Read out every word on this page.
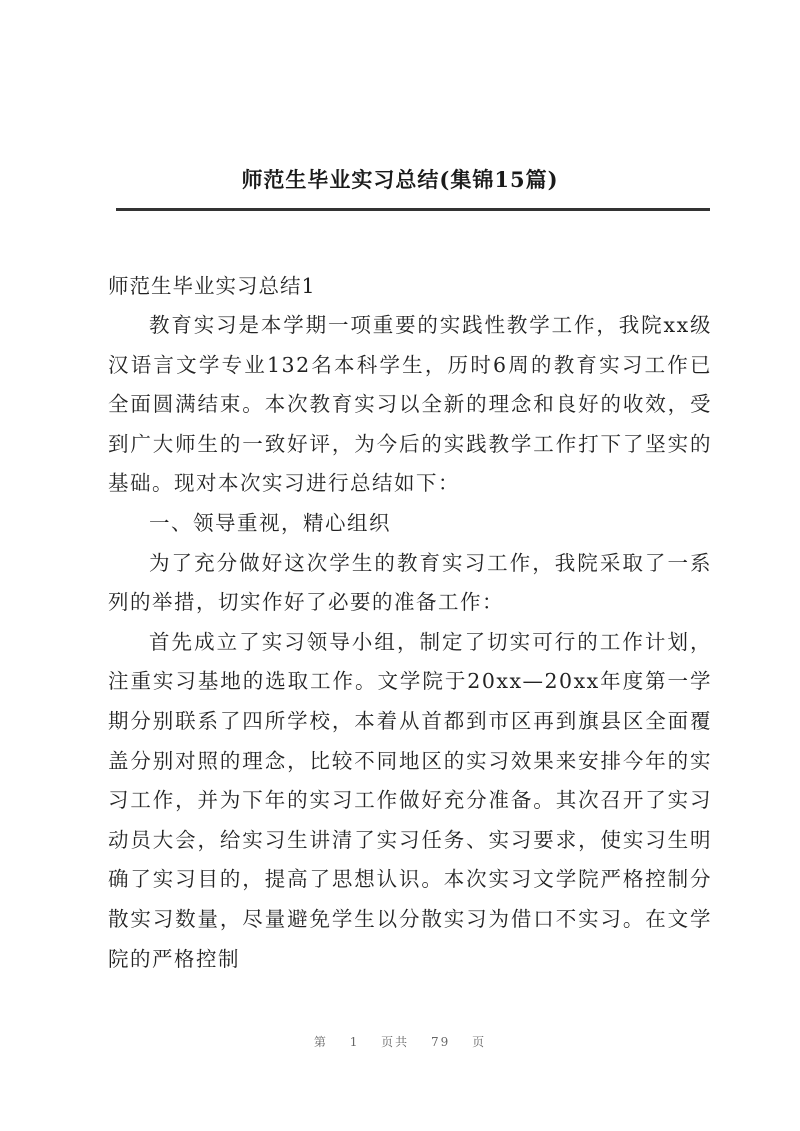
师范生毕业实习总结(集锦15篇)

师范生毕业实习总结1

教育实习是本学期一项重要的实践性教学工作，我院xx级汉语言文学专业132名本科学生，历时6周的教育实习工作已全面圆满结束。本次教育实习以全新的理念和良好的收效，受到广大师生的一致好评，为今后的实践教学工作打下了坚实的基础。现对本次实习进行总结如下：

一、领导重视，精心组织

为了充分做好这次学生的教育实习工作，我院采取了一系列的举措，切实作好了必要的准备工作：

首先成立了实习领导小组，制定了切实可行的工作计划，注重实习基地的选取工作。文学院于20xx—20xx年度第一学期分别联系了四所学校，本着从首都到市区再到旗县区全面覆盖分别对照的理念，比较不同地区的实习效果来安排今年的实习工作，并为下年的实习工作做好充分准备。其次召开了实习动员大会，给实习生讲清了实习任务、实习要求，使实习生明确了实习目的，提高了思想认识。本次实习文学院严格控制分散实习数量，尽量避免学生以分散实习为借口不实习。在文学院的严格控制

第 1 页共 79 页
